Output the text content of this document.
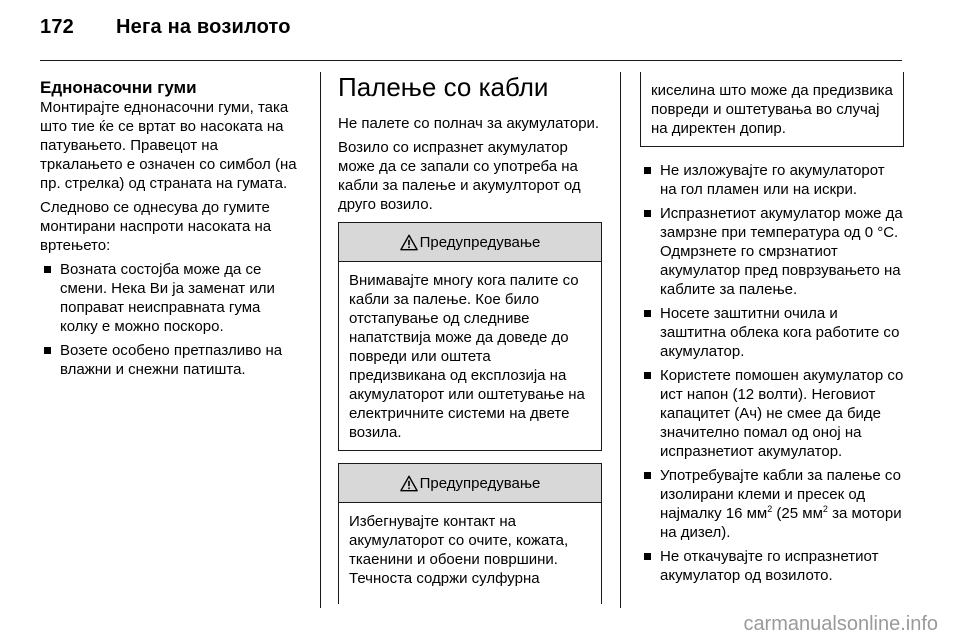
172 Нега на возилото
Еднонасочни гуми

Монтирајте еднонасочни гуми, така што тие ќе се вртат во насоката на патувањето. Правецот на тркалањето е означен со симбол (на пр. стрелка) од страната на гумата.

Следново се однесува до гумите монтирани наспроти насоката на вртењето:

Возната состојба може да се смени. Нека Ви ја заменат или поправат неисправната гума колку е можно поскоро.
Возете особено претпазливо на влажни и снежни патишта.
Палење со кабли

Не палете со полнач за акумулатори.

Возило со испразнет акумулатор може да се запали со употреба на кабли за палење и акумулторот од друго возило.

Предупредување
Внимавајте многу кога палите со кабли за палење. Кое било отстапување од следниве напатствија може да доведе до повреди или оштета предизвикана од експлозија на акумулаторот или оштетување на електричните системи на двете возила.
Предупредување
Избегнувајте контакт на акумулаторот со очите, кожата, ткаенини и обоени површини. Течноста содржи сулфурна
киселина што може да предизвика повреди и оштетувања во случај на директен допир.
Не изложувајте го акумулаторот на гол пламен или на искри.
Испразнетиот акумулатор може да замрзне при температура од 0 °C. Одмрзнете го смрзнатиот акумулатор пред поврзувањето на каблите за палење.
Носете заштитни очила и заштитна облека кога работите со акумулатор.
Користете помошен акумулатор со ист напон (12 волти). Неговиот капацитет (Ач) не смее да биде значително помал од оној на испразнетиот акумулатор.
Употребувајте кабли за палење со изолирани клеми и пресек од најмалку 16 $мм^2$ (25 $мм^2$ за мотори на дизел).
Не откачувајте го испразнетиот акумулатор од возилото.
carmanualsonline.info
